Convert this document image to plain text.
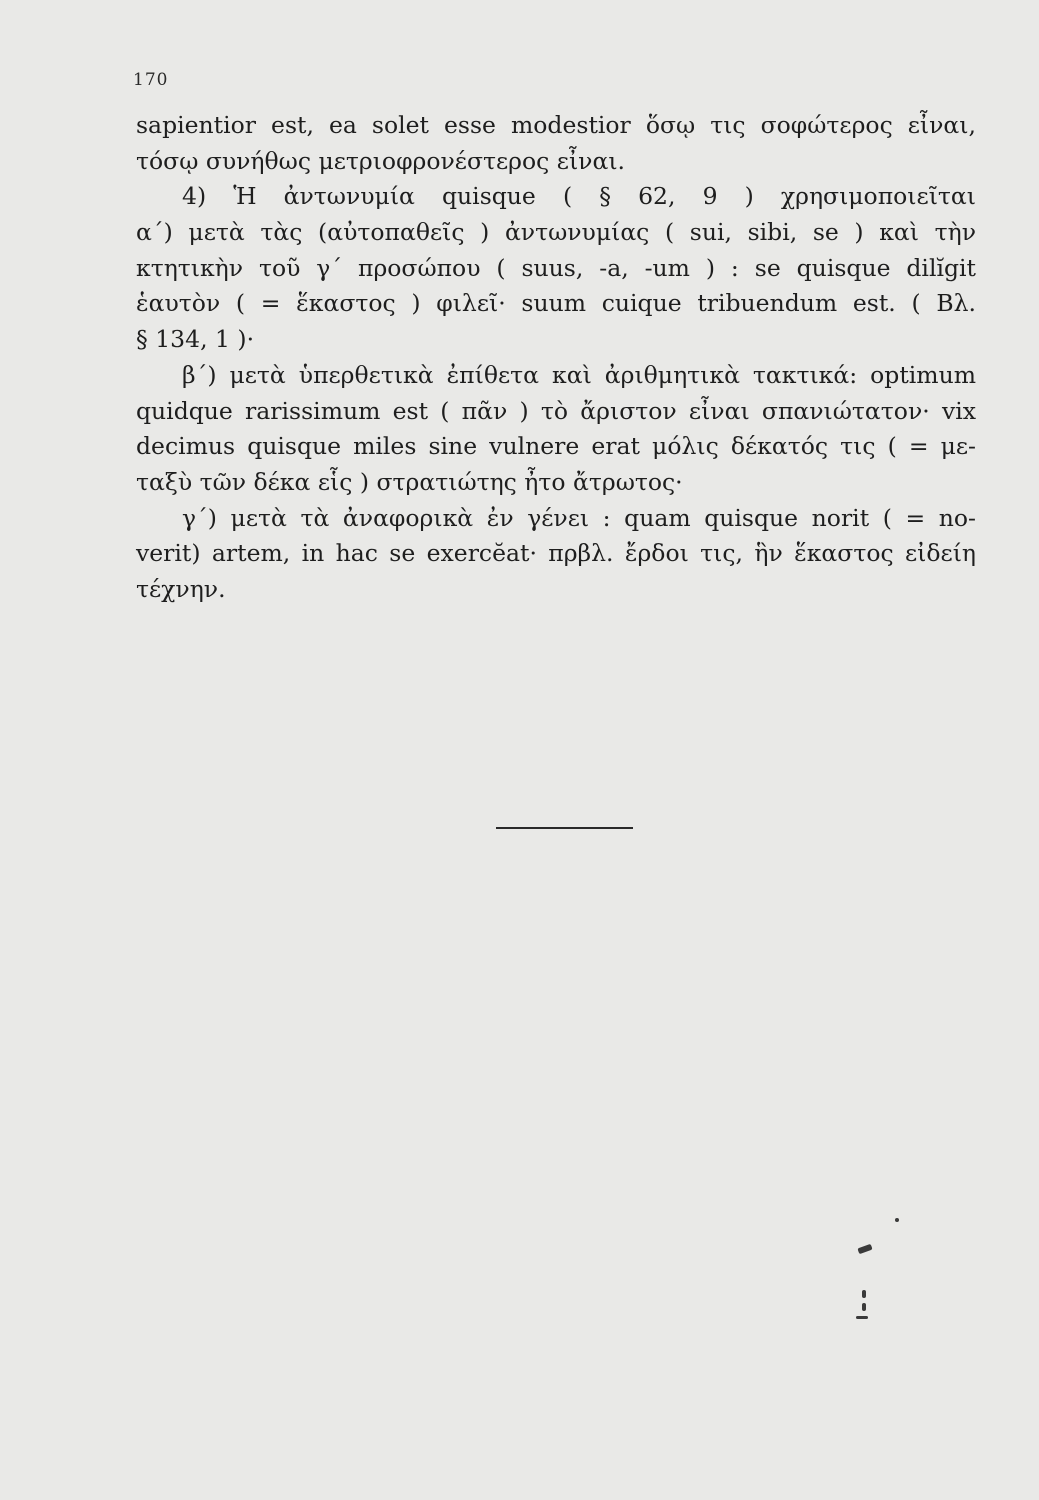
170
sapientior est, ea solet esse modestior ὅσῳ τις σοφώτερος εἶναι,
τόσῳ συνήθως μετριοφρονέστερος εἶναι.
4) Ἡ ἀντωνυμία quisque ( § 62, 9 ) χρησιμοποιεῖται
α΄) μετὰ τὰς (αὐτοπαθεῖς ) ἀντωνυμίας ( sui, sibi, se ) καὶ τὴν
κτητικὴν τοῦ γ΄ προσώπου ( suus, -a, -um ) : se quisque dilĭgit
ἑαυτὸν ( = ἕκαστος ) φιλεῖ· suum cuique tribuendum est. ( Βλ.
§ 134, 1 )·
β΄) μετὰ ὑπερθετικὰ ἐπίθετα καὶ ἀριθμητικὰ τακτικά: optimum
quidque rarissimum est ( πᾶν ) τὸ ἄριστον εἶναι σπανιώτατον· vix
decimus quisque miles sine vulnere erat μόλις δέκατός τις ( = με-
ταξὺ τῶν δέκα εἷς ) στρατιώτης ἦτο ἄτρωτος·
γ΄) μετὰ τὰ ἀναφορικὰ ἐν γένει : quam quisque norit ( = no-
verit) artem, in hac se exercĕat· πρβλ. ἔρδοι τις, ἣν ἕκαστος εἰδείη
τέχνην.
